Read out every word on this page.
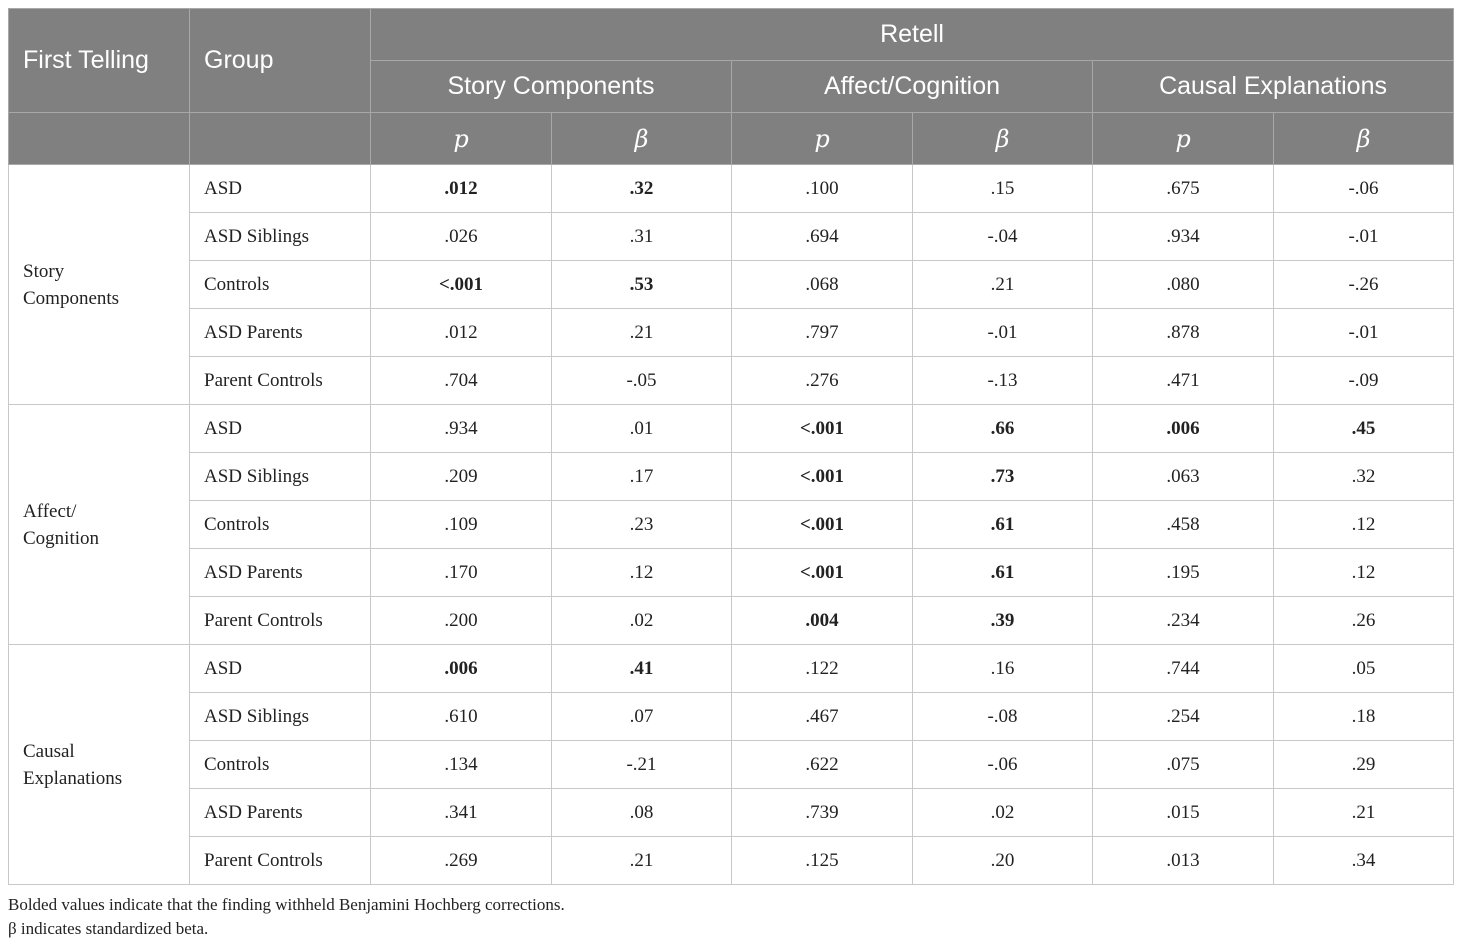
First Telling	Group	Retell					
		Story Components		Affect/Cognition		Causal Explanations	
		p	β	p	β	p	β

Story
Components	ASD	.012	.32	.100	.15	.675	-.06
	ASD Siblings	.026	.31	.694	-.04	.934	-.01
	Controls	<.001	.53	.068	.21	.080	-.26
	ASD Parents	.012	.21	.797	-.01	.878	-.01
	Parent Controls	.704	-.05	.276	-.13	.471	-.09

Affect/
Cognition	ASD	.934	.01	<.001	.66	.006	.45
	ASD Siblings	.209	.17	<.001	.73	.063	.32
	Controls	.109	.23	<.001	.61	.458	.12
	ASD Parents	.170	.12	<.001	.61	.195	.12
	Parent Controls	.200	.02	.004	.39	.234	.26

Causal
Explanations	ASD	.006	.41	.122	.16	.744	.05
	ASD Siblings	.610	.07	.467	-.08	.254	.18
	Controls	.134	-.21	.622	-.06	.075	.29
	ASD Parents	.341	.08	.739	.02	.015	.21
	Parent Controls	.269	.21	.125	.20	.013	.34
Bolded values indicate that the finding withheld Benjamini Hochberg corrections.
β indicates standardized beta.
